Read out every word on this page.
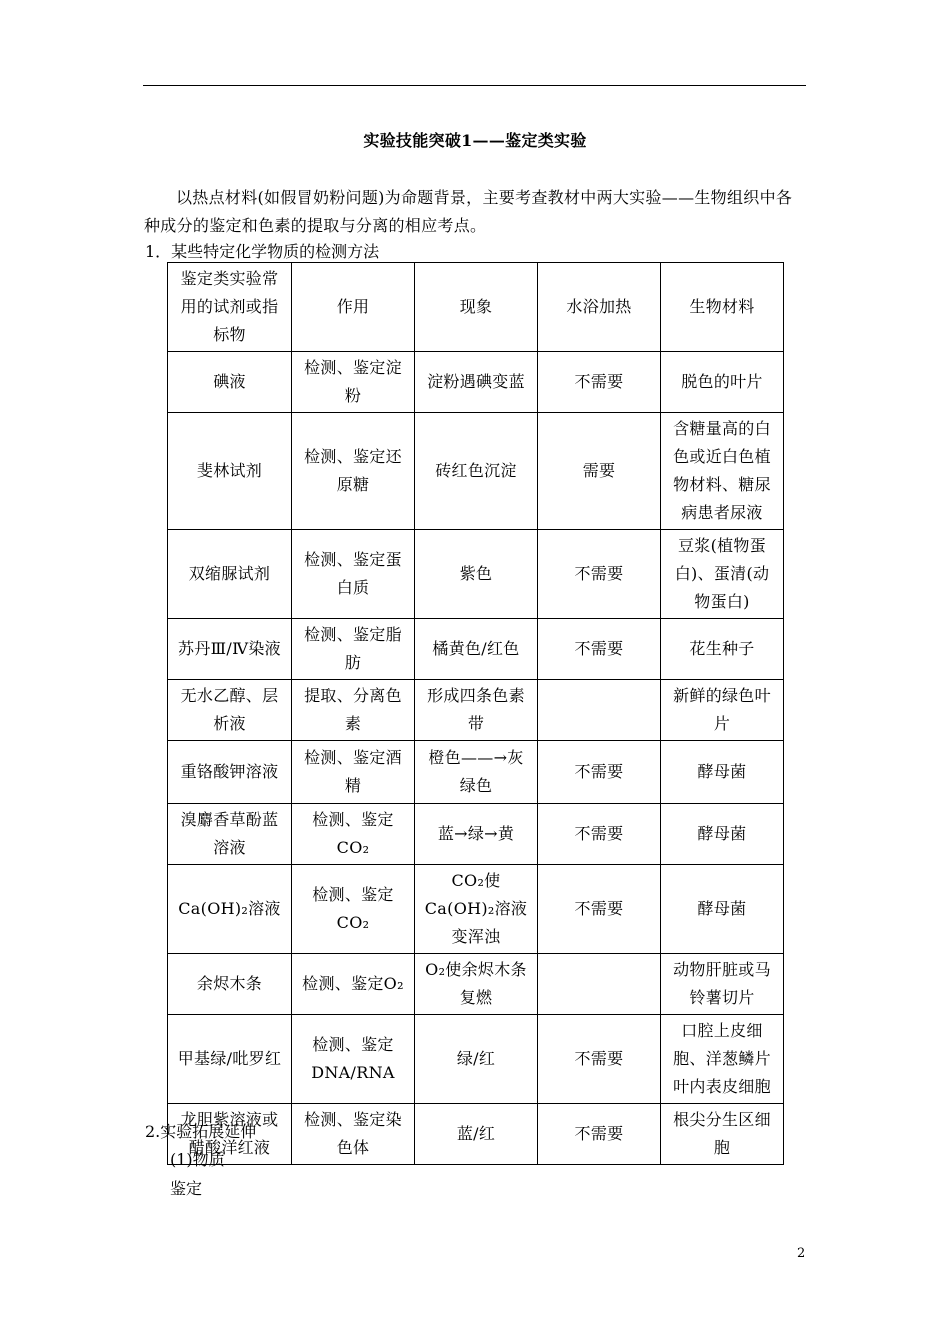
实验技能突破1——鉴定类实验
以热点材料(如假冒奶粉问题)为命题背景，主要考查教材中两大实验——生物组织中各种成分的鉴定和色素的提取与分离的相应考点。
1．某些特定化学物质的检测方法
鉴定类实验常用的试剂或指标物	作用	现象	水浴加热	生物材料
碘液	检测、鉴定淀粉	淀粉遇碘变蓝	不需要	脱色的叶片
斐林试剂	检测、鉴定还原糖	砖红色沉淀	需要	含糖量高的白色或近白色植物材料、糖尿病患者尿液
双缩脲试剂	检测、鉴定蛋白质	紫色	不需要	豆浆(植物蛋白)、蛋清(动物蛋白)
苏丹Ⅲ/Ⅳ染液	检测、鉴定脂肪	橘黄色/红色	不需要	花生种子
无水乙醇、层析液	提取、分离色素	形成四条色素带		新鲜的绿色叶片
重铬酸钾溶液	检测、鉴定酒精	橙色——→灰绿色	不需要	酵母菌
溴麝香草酚蓝溶液	检测、鉴定CO₂	蓝→绿→黄	不需要	酵母菌
Ca(OH)₂溶液	检测、鉴定CO₂	CO₂使Ca(OH)₂溶液变浑浊	不需要	酵母菌
余烬木条	检测、鉴定O₂	O₂使余烬木条复燃		动物肝脏或马铃薯切片
甲基绿/吡罗红	检测、鉴定DNA/RNA	绿/红	不需要	口腔上皮细胞、洋葱鳞片叶内表皮细胞
龙胆紫溶液或醋酸洋红液	检测、鉴定染色体	蓝/红	不需要	根尖分生区细胞
2.实验拓展延伸
(1)物质
鉴定
2
